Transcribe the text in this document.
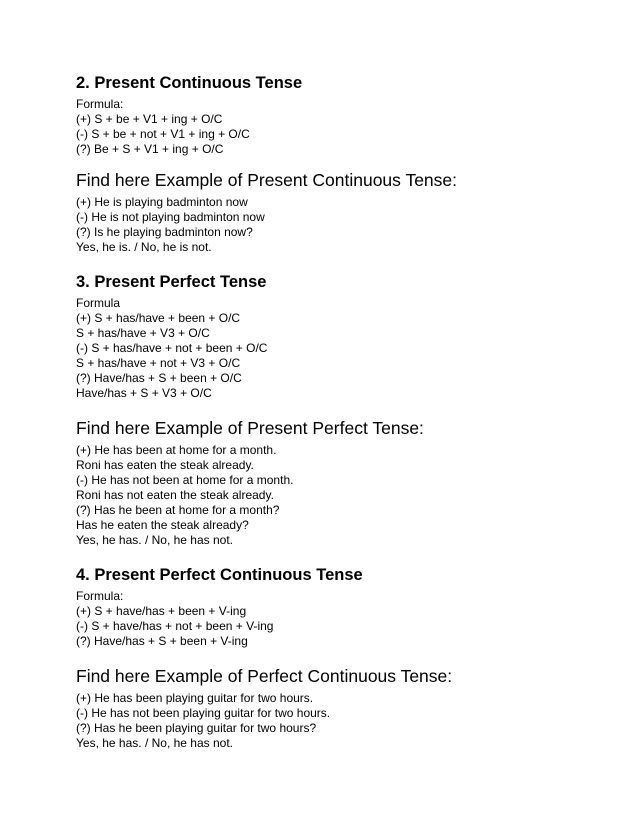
2. Present Continuous Tense
Formula:
(+) S + be + V1 + ing + O/C
(-) S + be + not + V1 + ing + O/C
(?) Be + S + V1 + ing + O/C
Find here Example of Present Continuous Tense:
(+) He is playing badminton now
(-) He is not playing badminton now
(?) Is he playing badminton now?
Yes, he is. / No, he is not.
3. Present Perfect Tense
Formula
(+) S + has/have + been + O/C
S + has/have + V3 + O/C
(-) S + has/have + not + been + O/C
S + has/have + not + V3 + O/C
(?) Have/has + S + been + O/C
Have/has + S + V3 + O/C
Find here Example of Present Perfect Tense:
(+) He has been at home for a month.
Roni has eaten the steak already.
(-) He has not been at home for a month.
Roni has not eaten the steak already.
(?) Has he been at home for a month?
Has he eaten the steak already?
Yes, he has. / No, he has not.
4. Present Perfect Continuous Tense
Formula:
(+) S + have/has + been + V-ing
(-) S + have/has + not + been + V-ing
(?) Have/has + S + been + V-ing
Find here Example of Perfect Continuous Tense:
(+) He has been playing guitar for two hours.
(-) He has not been playing guitar for two hours.
(?) Has he been playing guitar for two hours?
Yes, he has. / No, he has not.
